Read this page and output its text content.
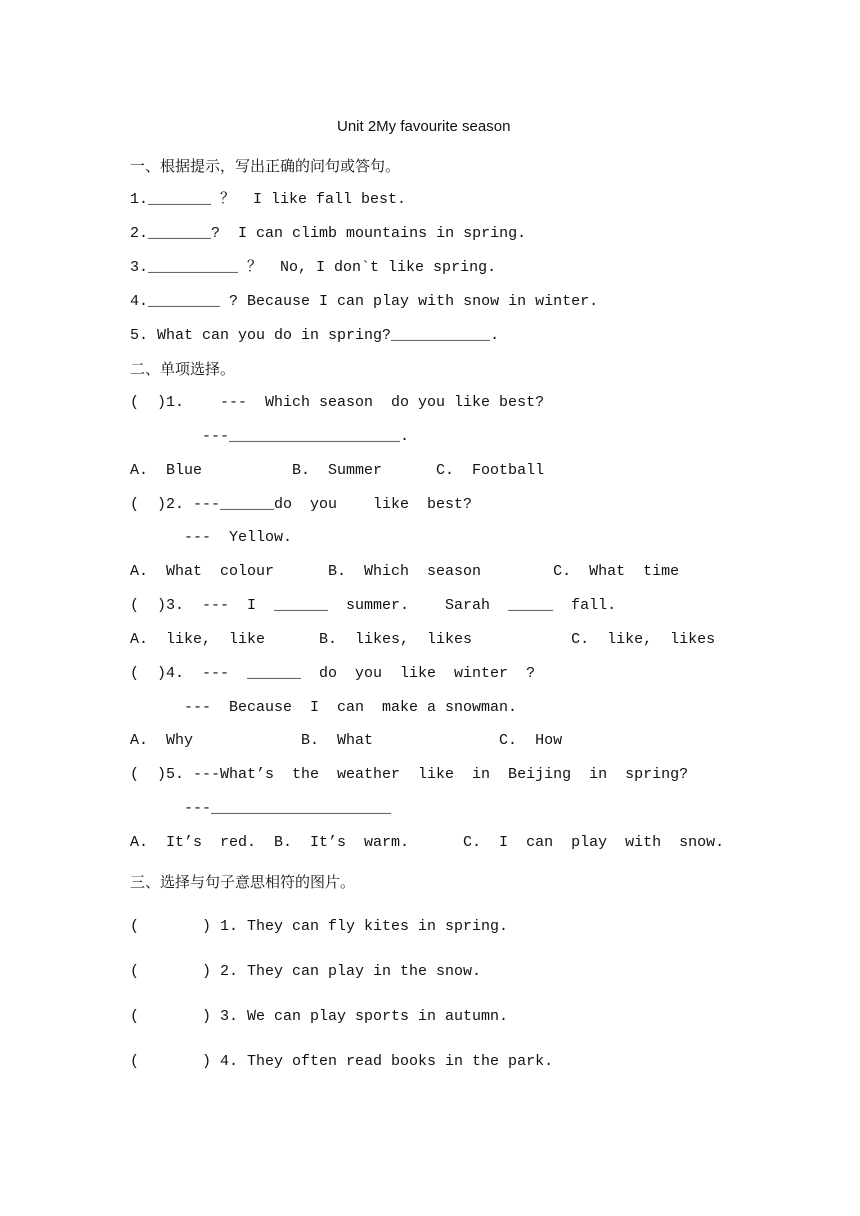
Unit 2My favourite season
一、根据提示，写出正确的问句或答句。
1._______ ？  I like fall best.
2._______?  I can climb mountains in spring.
3.__________ ？  No, I don`t like spring.
4.________ ? Because I can play with snow in winter.
5. What can you do in spring?___________.
二、单项选择。
(  )1.    ---  Which season  do you like best?
---___________________.
A.  Blue          B.  Summer      C.  Football
(  )2. ---______do  you    like  best?
---  Yellow.
A.  What  colour      B.  Which  season        C.  What  time
(  )3.  ---  I  ______  summer.    Sarah  _____  fall.
A.  like,  like      B.  likes,  likes           C.  like,  likes
(  )4.  ---  ______  do  you  like  winter  ?
---  Because  I  can  make a snowman.
A.  Why            B.  What              C.  How
(  )5. ---What’s  the  weather  like  in  Beijing  in  spring?
---____________________
A.  It’s  red.  B.  It’s  warm.      C.  I  can  play  with  snow.
三、选择与句子意思相符的图片。
(       ) 1. They can fly kites in spring.
(       ) 2. They can play in the snow.
(       ) 3. We can play sports in autumn.
(       ) 4. They often read books in the park.
